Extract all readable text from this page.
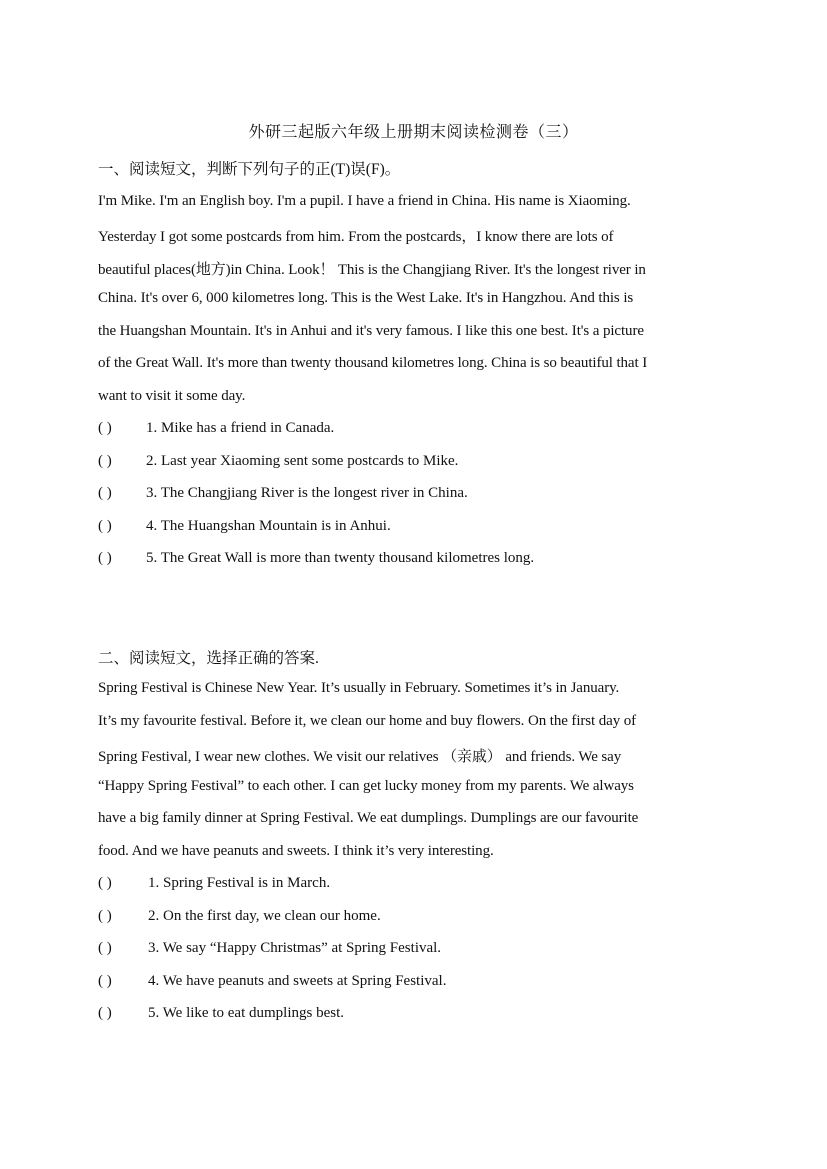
外研三起版六年级上册期末阅读检测卷（三）
一、阅读短文，判断下列句子的正(T)误(F)。
I'm Mike. I'm an English boy. I'm a pupil. I have a friend in China. His name is Xiaoming.
Yesterday I got some postcards from him. From the postcards，I know there are lots of
beautiful places(地方)in China. Look！ This is the Changjiang River. It's the longest river in
China. It's over 6, 000 kilometres long. This is the West Lake. It's in Hangzhou. And this is
the Huangshan Mountain. It's in Anhui and it's very famous. I like this one best. It's a picture
of the Great Wall. It's more than twenty thousand kilometres long. China is so beautiful that I
want to visit it some day.
( ) 1. Mike has a friend in Canada.
( ) 2. Last year Xiaoming sent some postcards to Mike.
( ) 3. The Changjiang River is the longest river in China.
( ) 4. The Huangshan Mountain is in Anhui.
( ) 5. The Great Wall is more than twenty thousand kilometres long.
二、阅读短文，选择正确的答案.
Spring Festival is Chinese New Year. It’s usually in February. Sometimes it’s in January.
It’s my favourite festival. Before it, we clean our home and buy flowers. On the first day of
Spring Festival, I wear new clothes. We visit our relatives （亲戚） and friends. We say
“Happy Spring Festival” to each other. I can get lucky money from my parents. We always
have a big family dinner at Spring Festival. We eat dumplings. Dumplings are our favourite
food. And we have peanuts and sweets. I think it’s very interesting.
( ) 1. Spring Festival is in March.
( ) 2. On the first day, we clean our home.
( ) 3. We say “Happy Christmas” at Spring Festival.
( ) 4. We have peanuts and sweets at Spring Festival.
( ) 5. We like to eat dumplings best.
